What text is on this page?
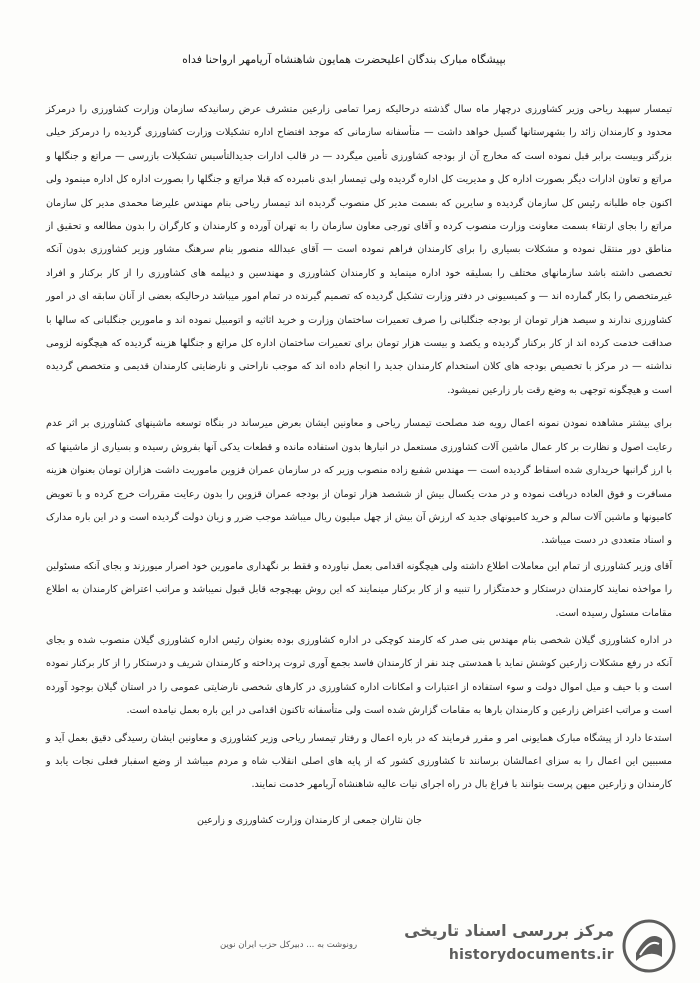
بپیشگاه مبارک بندگان اعلیحضرت همایون شاهنشاه آریامهر ارواحنا فداه

تیمسار سپهبد ریاحی وزیر کشاورزی درچهار ماه سال گذشته درحالیکه زمرا تمامی زارعین متشرف عرض رسانیدکه سازمان وزارت کشاورزی را درمرکز محدود و کارمندان زائد را بشهرستانها گسیل خواهد داشت — متأسفانه سازمانی که موجد افتضاح اداره تشکیلات وزارت کشاورزی گردیده را درمرکز خیلی بزرگتر وبیست برابر قبل نموده است که مخارج آن از بودجه کشاورزی تأمین میگردد — در قالب ادارات جدیدالتأسیس تشکیلات بازرسی — مراتع و جنگلها و مراتع و تعاون ادارات دیگر بصورت اداره کل و مدیریت کل اداره گردیده ولی تیمسار ابدی نامبرده که قبلا مراتع و جنگلها را بصورت اداره کل اداره مینمود ولی اکنون جاه طلبانه رئیس کل سازمان گردیده و سایرین که بسمت مدیر کل منصوب گردیده اند تیمسار ریاحی بنام مهندس علیرضا محمدی مدیر کل سازمان مراتع را بجای ارتقاء بسمت معاونت وزارت منصوب کرده و آقای تورجی معاون سازمان را به تهران آورده و کارمندان و کارگران را بدون مطالعه و تحقیق از مناطق دور منتقل نموده و مشکلات بسیاری را برای کارمندان فراهم نموده است — آقای عبدالله منصور بنام سرهنگ مشاور وزیر کشاورزی بدون آنکه تخصصی داشته باشد سازمانهای مختلف را بسلیقه خود اداره مینماید و کارمندان کشاورزی و مهندسین و دیپلمه های کشاورزی را از کار برکنار و افراد غیرمتخصص را بکار گمارده اند — و کمیسیونی در دفتر وزارت تشکیل گردیده که تصمیم گیرنده در تمام امور میباشد درحالیکه بعضی از آنان سابقه ای در امور کشاورزی ندارند و سیصد هزار تومان از بودجه جنگلبانی را صرف تعمیرات ساختمان وزارت و خرید اثاثیه و اتومبیل نموده اند و مامورین جنگلبانی که سالها با صداقت خدمت کرده اند از کار برکنار گردیده و یکصد و بیست هزار تومان برای تعمیرات ساختمان اداره کل مراتع و جنگلها هزینه گردیده که هیچگونه لزومی نداشته — در مرکز با تخصیص بودجه های کلان استخدام کارمندان جدید را انجام داده اند که موجب ناراحتی و نارضایتی کارمندان قدیمی و متخصص گردیده است و هیچگونه توجهی به وضع رقت بار زارعین نمیشود.

برای بیشتر مشاهده نمودن نمونه اعمال رویه ضد مصلحت تیمسار ریاحی و معاونین ایشان بعرض میرساند در بنگاه توسعه ماشینهای کشاورزی بر اثر عدم رعایت اصول و نظارت بر کار عمال ماشین آلات کشاورزی مستعمل در انبارها بدون استفاده مانده و قطعات یدکی آنها بفروش رسیده و بسیاری از ماشینها که با ارز گرانبها خریداری شده اسقاط گردیده است — مهندس شفیع زاده منصوب وزیر که در سازمان عمران قزوین ماموریت داشت هزاران تومان بعنوان هزینه مسافرت و فوق العاده دریافت نموده و در مدت یکسال بیش از ششصد هزار تومان از بودجه عمران قزوین را بدون رعایت مقررات خرج کرده و با تعویض کامیونها و ماشین آلات سالم و خرید کامیونهای جدید که ارزش آن بیش از چهل میلیون ریال میباشد موجب ضرر و زیان دولت گردیده است و در این باره مدارک و اسناد متعددی در دست میباشد.

آقای وزیر کشاورزی از تمام این معاملات اطلاع داشته ولی هیچگونه اقدامی بعمل نیاورده و فقط بر نگهداری مامورین خود اصرار میورزند و بجای آنکه مسئولین را مواخذه نمایند کارمندان درستکار و خدمتگزار را تنبیه و از کار برکنار مینمایند که این روش بهیچوجه قابل قبول نمیباشد و مراتب اعتراض کارمندان به اطلاع مقامات مسئول رسیده است.

در اداره کشاورزی گیلان شخصی بنام مهندس بنی صدر که کارمند کوچکی در اداره کشاورزی بوده بعنوان رئیس اداره کشاورزی گیلان منصوب شده و بجای آنکه در رفع مشکلات زارعین کوشش نماید با همدستی چند نفر از کارمندان فاسد بجمع آوری ثروت پرداخته و کارمندان شریف و درستکار را از کار برکنار نموده است و با حیف و میل اموال دولت و سوء استفاده از اعتبارات و امکانات اداره کشاورزی در کارهای شخصی نارضایتی عمومی را در استان گیلان بوجود آورده است و مراتب اعتراض زارعین و کارمندان بارها به مقامات گزارش شده است ولی متأسفانه تاکنون اقدامی در این باره بعمل نیامده است.

استدعا دارد از پیشگاه مبارک همایونی امر و مقرر فرمایند که در باره اعمال و رفتار تیمسار ریاحی وزیر کشاورزی و معاونین ایشان رسیدگی دقیق بعمل آید و مسببین این اعمال را به سزای اعمالشان برسانند تا کشاورزی کشور که از پایه های اصلی انقلاب شاه و مردم میباشد از وضع اسفبار فعلی نجات یابد و کارمندان و زارعین میهن پرست بتوانند با فراغ بال در راه اجرای نیات عالیه شاهنشاه آریامهر خدمت نمایند.

جان نثاران جمعی از کارمندان وزارت کشاورزی و زارعین
رونوشت به ... دبیرکل حزب ایران نوین
مرکز بررسی اسناد تاریخی
historydocuments.ir
